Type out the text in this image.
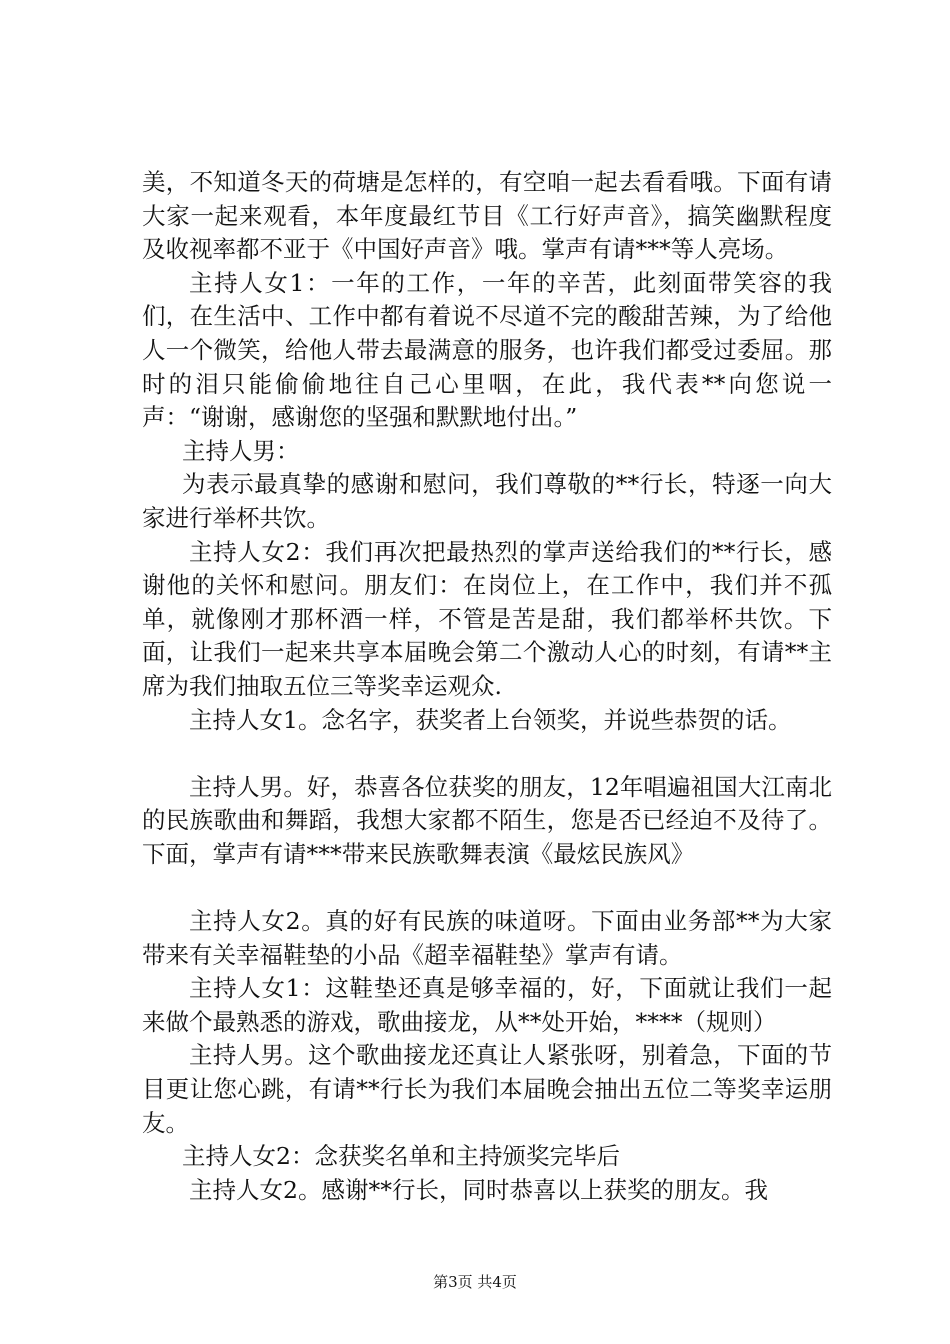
美，不知道冬天的荷塘是怎样的，有空咱一起去看看哦。下面有请大家一起来观看，本年度最红节目《工行好声音》，搞笑幽默程度及收视率都不亚于《中国好声音》哦。掌声有请***等人亮场。

主持人女1：一年的工作，一年的辛苦，此刻面带笑容的我们，在生活中、工作中都有着说不尽道不完的酸甜苦辣，为了给他人一个微笑，给他人带去最满意的服务，也许我们都受过委屈。那时的泪只能偷偷地往自己心里咽，在此，我代表**向您说一声：“谢谢，感谢您的坚强和默默地付出。”

主持人男：

为表示最真挚的感谢和慰问，我们尊敬的**行长，特逐一向大家进行举杯共饮。

主持人女2：我们再次把最热烈的掌声送给我们的**行长，感谢他的关怀和慰问。朋友们：在岗位上，在工作中，我们并不孤单，就像刚才那杯酒一样，不管是苦是甜，我们都举杯共饮。下面，让我们一起来共享本届晚会第二个激动人心的时刻，有请**主席为我们抽取五位三等奖幸运观众.

主持人女1。念名字，获奖者上台领奖，并说些恭贺的话。

主持人男。好，恭喜各位获奖的朋友，12年唱遍祖国大江南北的民族歌曲和舞蹈，我想大家都不陌生，您是否已经迫不及待了。下面，掌声有请***带来民族歌舞表演《最炫民族风》

主持人女2。真的好有民族的味道呀。下面由业务部**为大家带来有关幸福鞋垫的小品《超幸福鞋垫》掌声有请。

主持人女1：这鞋垫还真是够幸福的，好，下面就让我们一起来做个最熟悉的游戏，歌曲接龙，从**处开始，****（规则）

主持人男。这个歌曲接龙还真让人紧张呀，别着急，下面的节目更让您心跳，有请**行长为我们本届晚会抽出五位二等奖幸运朋友。

主持人女2：念获奖名单和主持颁奖完毕后

主持人女2。感谢**行长，同时恭喜以上获奖的朋友。我

第3页 共4页
